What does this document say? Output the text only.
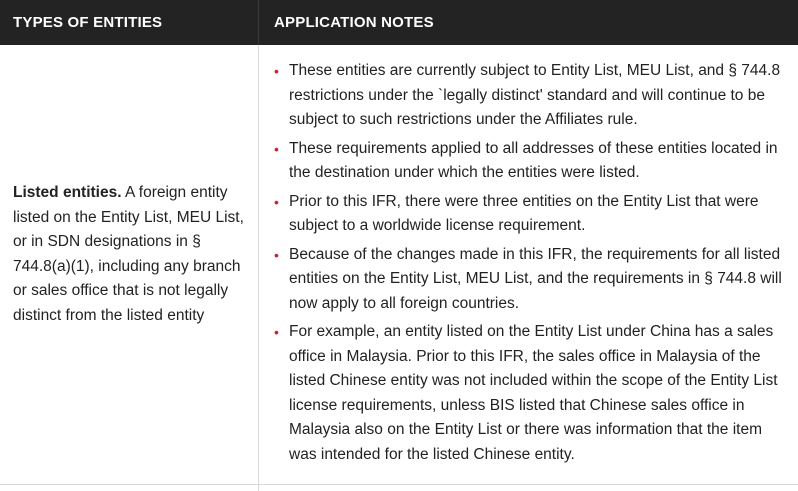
TYPES OF ENTITIES	APPLICATION NOTES
Listed entities. A foreign entity listed on the Entity List, MEU List, or in SDN designations in § 744.8(a)(1), including any branch or sales office that is not legally distinct from the listed entity
• These entities are currently subject to Entity List, MEU List, and § 744.8 restrictions under the `legally distinct' standard and will continue to be subject to such restrictions under the Affiliates rule.
• These requirements applied to all addresses of these entities located in the destination under which the entities were listed.
• Prior to this IFR, there were three entities on the Entity List that were subject to a worldwide license requirement.
• Because of the changes made in this IFR, the requirements for all listed entities on the Entity List, MEU List, and the requirements in § 744.8 will now apply to all foreign countries.
• For example, an entity listed on the Entity List under China has a sales office in Malaysia. Prior to this IFR, the sales office in Malaysia of the listed Chinese entity was not included within the scope of the Entity List license requirements, unless BIS listed that Chinese sales office in Malaysia also on the Entity List or there was information that the item was intended for the listed Chinese entity.
